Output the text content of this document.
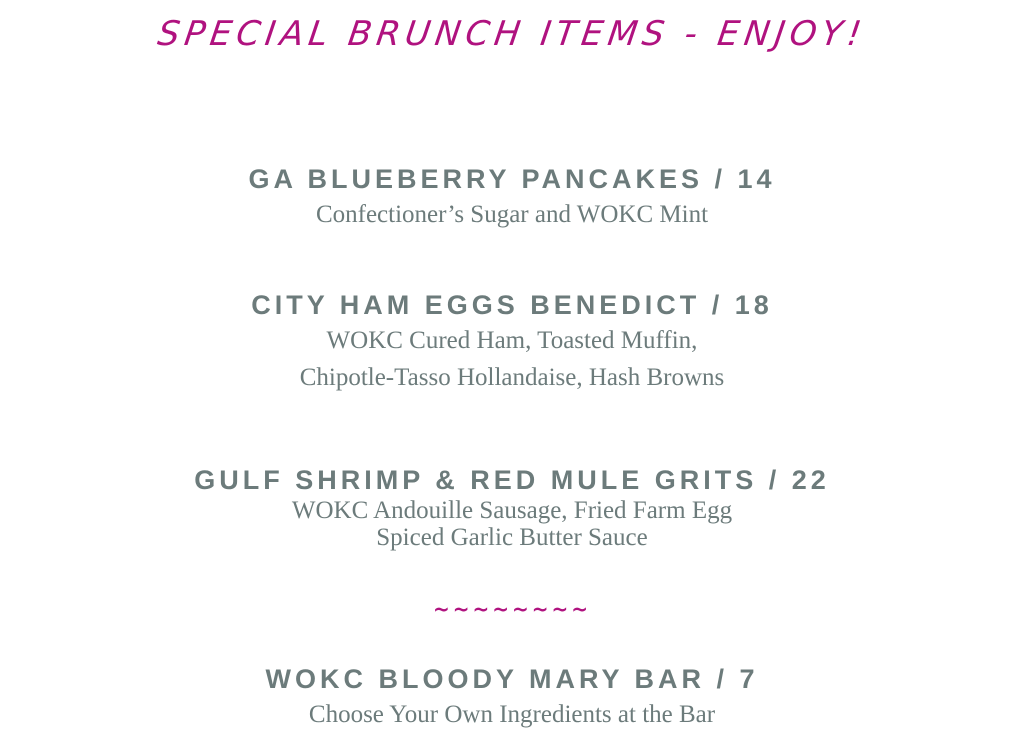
SPECIAL BRUNCH ITEMS - ENJOY!
GA BLUEBERRY PANCAKES / 14
Confectioner’s Sugar and WOKC Mint
CITY HAM EGGS BENEDICT / 18
WOKC Cured Ham, Toasted Muffin,
Chipotle-Tasso Hollandaise, Hash Browns
GULF SHRIMP & RED MULE GRITS / 22
WOKC Andouille Sausage, Fried Farm Egg
Spiced Garlic Butter Sauce
~~~~~~~~
WOKC BLOODY MARY BAR / 7
Choose Your Own Ingredients at the Bar
